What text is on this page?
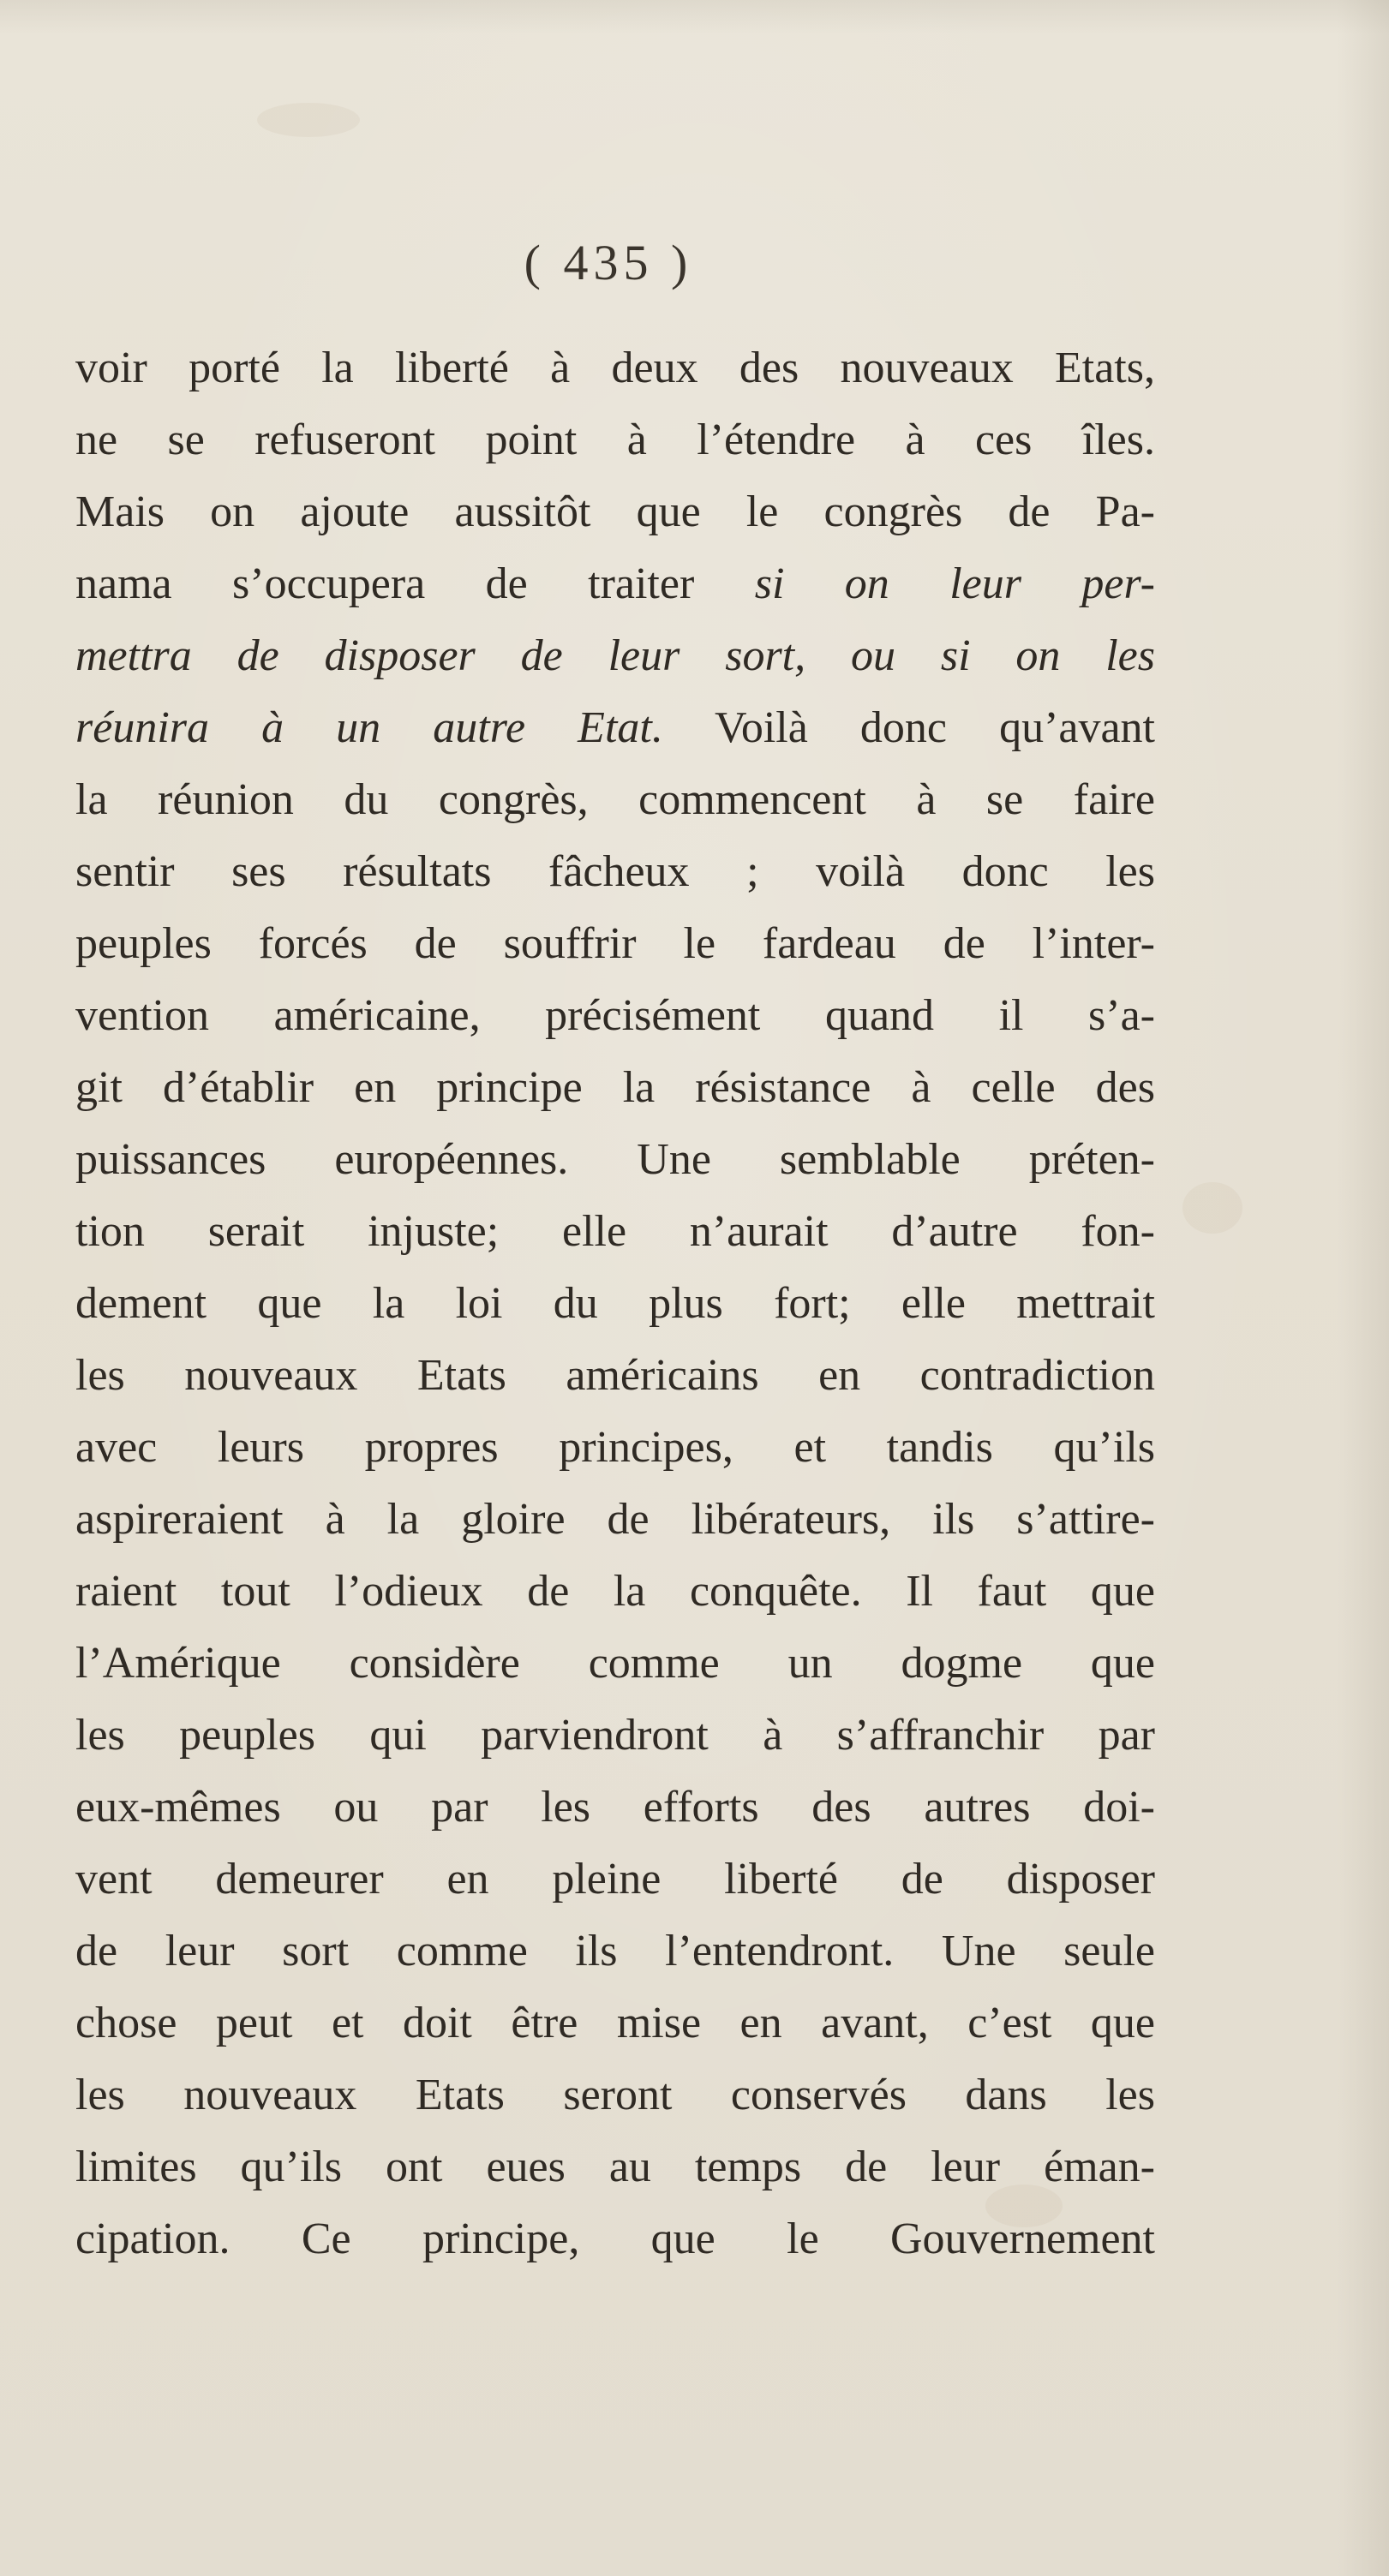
( 435 )
voir porté la liberté à deux des nouveaux Etats,
ne se refuseront point à l’étendre à ces îles.
Mais on ajoute aussitôt que le congrès de Pa-
nama s’occupera de traiter si on leur per-
mettra de disposer de leur sort, ou si on les
réunira à un autre Etat. Voilà donc qu’avant
la réunion du congrès, commencent à se faire
sentir ses résultats fâcheux ; voilà donc les
peuples forcés de souffrir le fardeau de l’inter-
vention américaine, précisément quand il s’a-
git d’établir en principe la résistance à celle des
puissances européennes. Une semblable préten-
tion serait injuste; elle n’aurait d’autre fon-
dement que la loi du plus fort; elle mettrait
les nouveaux Etats américains en contradiction
avec leurs propres principes, et tandis qu’ils
aspireraient à la gloire de libérateurs, ils s’attire-
raient tout l’odieux de la conquête. Il faut que
l’Amérique considère comme un dogme que
les peuples qui parviendront à s’affranchir par
eux-mêmes ou par les efforts des autres doi-
vent demeurer en pleine liberté de disposer
de leur sort comme ils l’entendront. Une seule
chose peut et doit être mise en avant, c’est que
les nouveaux Etats seront conservés dans les
limites qu’ils ont eues au temps de leur éman-
cipation. Ce principe, que le Gouvernement
